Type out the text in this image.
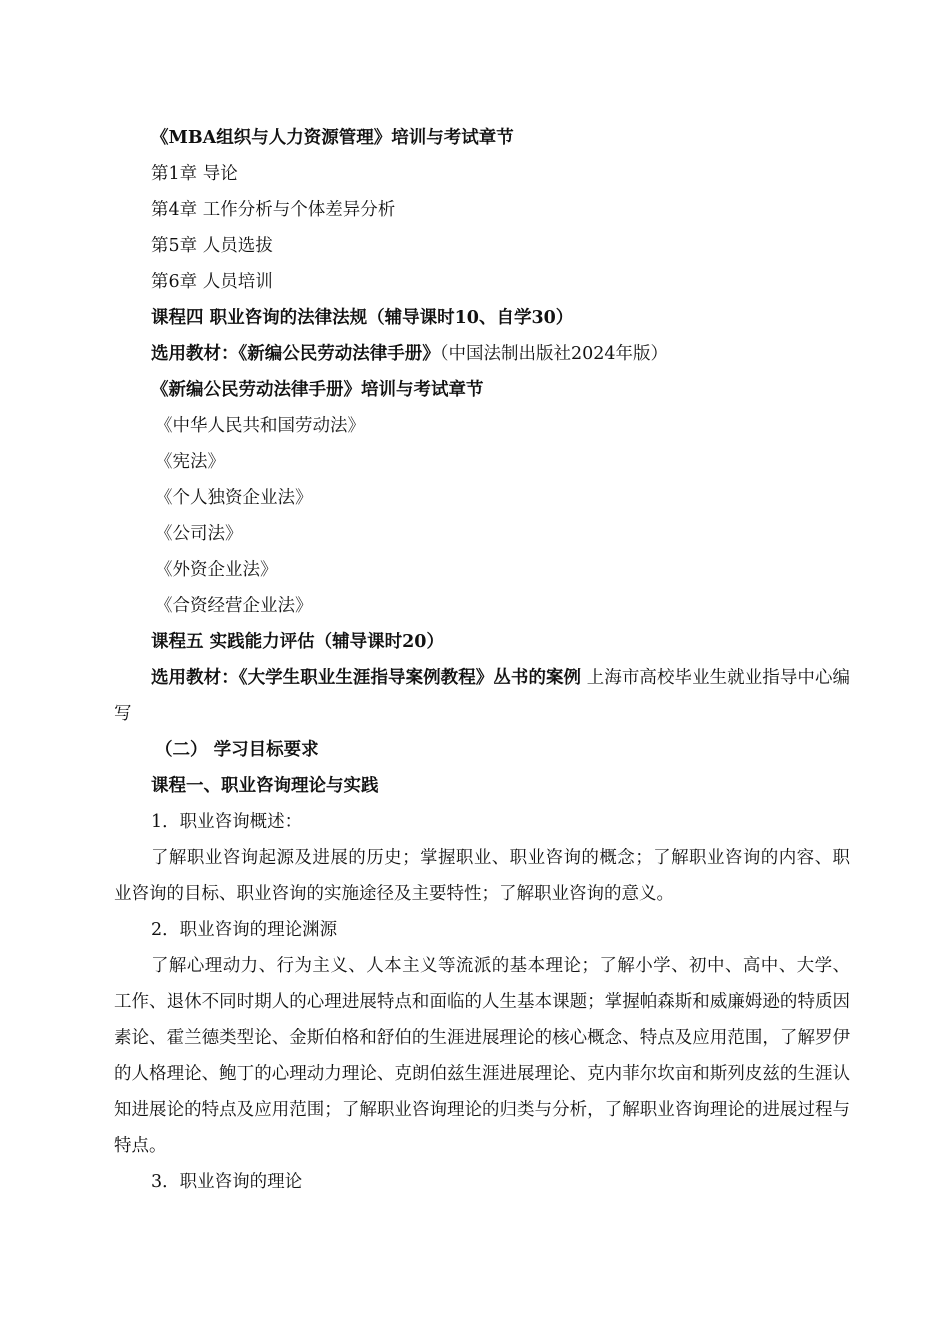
《MBA组织与人力资源管理》培训与考试章节
第1章 导论
第4章 工作分析与个体差异分析
第5章 人员选拔
第6章 人员培训
课程四 职业咨询的法律法规（辅导课时10、自学30）
选用教材：《新编公民劳动法律手册》（中国法制出版社2024年版）
《新编公民劳动法律手册》培训与考试章节
《中华人民共和国劳动法》
《宪法》
《个人独资企业法》
《公司法》
《外资企业法》
《合资经营企业法》
课程五 实践能力评估（辅导课时20）
选用教材：《大学生职业生涯指导案例教程》丛书的案例 上海市高校毕业生就业指导中心编写
（二） 学习目标要求
课程一、职业咨询理论与实践
1．职业咨询概述：
了解职业咨询起源及进展的历史；掌握职业、职业咨询的概念；了解职业咨询的内容、职业咨询的目标、职业咨询的实施途径及主要特性；了解职业咨询的意义。
2．职业咨询的理论渊源
了解心理动力、行为主义、人本主义等流派的基本理论；了解小学、初中、高中、大学、工作、退休不同时期人的心理进展特点和面临的人生基本课题；掌握帕森斯和威廉姆逊的特质因素论、霍兰德类型论、金斯伯格和舒伯的生涯进展理论的核心概念、特点及应用范围，了解罗伊的人格理论、鲍丁的心理动力理论、克朗伯兹生涯进展理论、克内菲尔坎亩和斯列皮兹的生涯认知进展论的特点及应用范围；了解职业咨询理论的归类与分析，了解职业咨询理论的进展过程与特点。
3．职业咨询的理论
